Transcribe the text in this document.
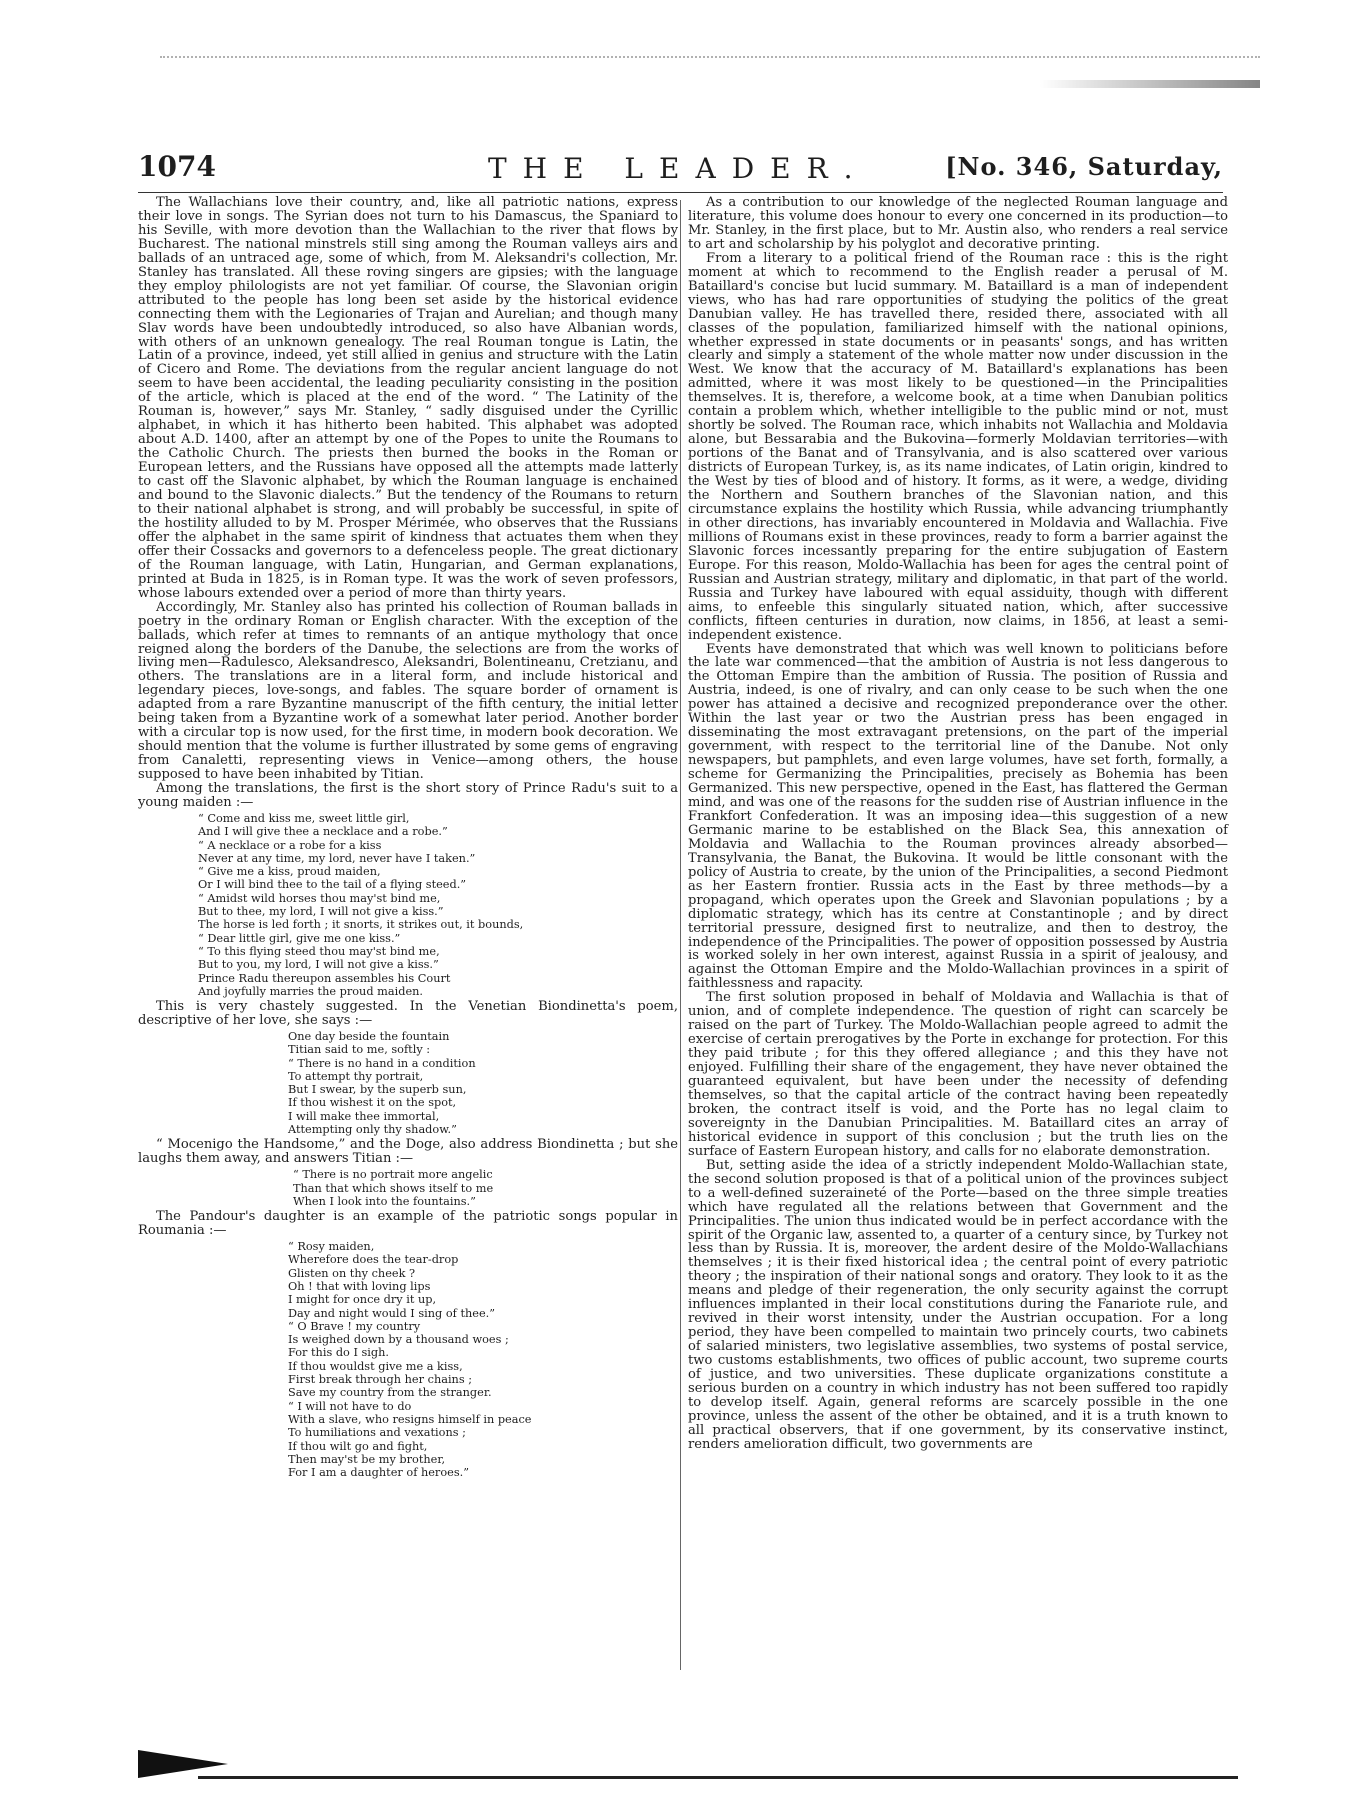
1074	THE LEADER.	[No. 346, Saturday,

The Wallachians love their country, and, like all patriotic nations, express their love in songs. The Syrian does not turn to his Damascus, the Spaniard to his Seville, with more devotion than the Wallachian to the river that flows by Bucharest. The national minstrels still sing among the Rouman valleys airs and ballads of an untraced age, some of which, from M. Aleksandri's collection, Mr. Stanley has translated. All these roving singers are gipsies; with the language they employ philologists are not yet familiar. Of course, the Slavonian origin attributed to the people has long been set aside by the historical evidence connecting them with the Legionaries of Trajan and Aurelian; and though many Slav words have been undoubtedly introduced, so also have Albanian words, with others of an unknown genealogy. The real Rouman tongue is Latin, the Latin of a province, indeed, yet still allied in genius and structure with the Latin of Cicero and Rome. The deviations from the regular ancient language do not seem to have been accidental, the leading peculiarity consisting in the position of the article, which is placed at the end of the word. “ The Latinity of the Rouman is, however,” says Mr. Stanley, “ sadly disguised under the Cyrillic alphabet, in which it has hitherto been habited. This alphabet was adopted about A.D. 1400, after an attempt by one of the Popes to unite the Roumans to the Catholic Church. The priests then burned the books in the Roman or European letters, and the Russians have opposed all the attempts made latterly to cast off the Slavonic alphabet, by which the Rouman language is enchained and bound to the Slavonic dialects.” But the tendency of the Roumans to return to their national alphabet is strong, and will probably be successful, in spite of the hostility alluded to by M. Prosper Mérimée, who observes that the Russians offer the alphabet in the same spirit of kindness that actuates them when they offer their Cossacks and governors to a defenceless people. The great dictionary of the Rouman language, with Latin, Hungarian, and German explanations, printed at Buda in 1825, is in Roman type. It was the work of seven professors, whose labours extended over a period of more than thirty years.

Accordingly, Mr. Stanley also has printed his collection of Rouman ballads in poetry in the ordinary Roman or English character. With the exception of the ballads, which refer at times to remnants of an antique mythology that once reigned along the borders of the Danube, the selections are from the works of living men—Radulesco, Aleksandresco, Aleksandri, Bolentineanu, Cretzianu, and others. The translations are in a literal form, and include historical and legendary pieces, love-songs, and fables. The square border of ornament is adapted from a rare Byzantine manuscript of the fifth century, the initial letter being taken from a Byzantine work of a somewhat later period. Another border with a circular top is now used, for the first time, in modern book decoration. We should mention that the volume is further illustrated by some gems of engraving from Canaletti, representing views in Venice—among others, the house supposed to have been inhabited by Titian.

Among the translations, the first is the short story of Prince Radu's suit to a young maiden :—

“ Come and kiss me, sweet little girl,
And I will give thee a necklace and a robe.”
“ A necklace or a robe for a kiss
Never at any time, my lord, never have I taken.”
“ Give me a kiss, proud maiden,
Or I will bind thee to the tail of a flying steed.”
“ Amidst wild horses thou may'st bind me,
But to thee, my lord, I will not give a kiss.”
The horse is led forth ; it snorts, it strikes out, it bounds,
“ Dear little girl, give me one kiss.”
“ To this flying steed thou may'st bind me,
But to you, my lord, I will not give a kiss.”
Prince Radu thereupon assembles his Court
And joyfully marries the proud maiden.

This is very chastely suggested. In the Venetian Biondinetta's poem, descriptive of her love, she says :—

One day beside the fountain
Titian said to me, softly :
“ There is no hand in a condition
To attempt thy portrait,
But I swear, by the superb sun,
If thou wishest it on the spot,
I will make thee immortal,
Attempting only thy shadow.”

“ Mocenigo the Handsome,” and the Doge, also address Biondinetta ; but she laughs them away, and answers Titian :—

“ There is no portrait more angelic
Than that which shows itself to me
When I look into the fountains.”

The Pandour's daughter is an example of the patriotic songs popular in Roumania :—

“ Rosy maiden,
Wherefore does the tear-drop
Glisten on thy cheek ?
Oh ! that with loving lips
I might for once dry it up,
Day and night would I sing of thee.”
“ O Brave ! my country
Is weighed down by a thousand woes ;
For this do I sigh.
If thou wouldst give me a kiss,
First break through her chains ;
Save my country from the stranger.
“ I will not have to do
With a slave, who resigns himself in peace
To humiliations and vexations ;
If thou wilt go and fight,
Then may'st be my brother,
For I am a daughter of heroes.”

As a contribution to our knowledge of the neglected Rouman language and literature, this volume does honour to every one concerned in its production—to Mr. Stanley, in the first place, but to Mr. Austin also, who renders a real service to art and scholarship by his polyglot and decorative printing.

From a literary to a political friend of the Rouman race : this is the right moment at which to recommend to the English reader a perusal of M. Bataillard's concise but lucid summary. M. Bataillard is a man of independent views, who has had rare opportunities of studying the politics of the great Danubian valley. He has travelled there, resided there, associated with all classes of the population, familiarized himself with the national opinions, whether expressed in state documents or in peasants' songs, and has written clearly and simply a statement of the whole matter now under discussion in the West. We know that the accuracy of M. Bataillard's explanations has been admitted, where it was most likely to be questioned—in the Principalities themselves. It is, therefore, a welcome book, at a time when Danubian politics contain a problem which, whether intelligible to the public mind or not, must shortly be solved. The Rouman race, which inhabits not Wallachia and Moldavia alone, but Bessarabia and the Bukovina—formerly Moldavian territories—with portions of the Banat and of Transylvania, and is also scattered over various districts of European Turkey, is, as its name indicates, of Latin origin, kindred to the West by ties of blood and of history. It forms, as it were, a wedge, dividing the Northern and Southern branches of the Slavonian nation, and this circumstance explains the hostility which Russia, while advancing triumphantly in other directions, has invariably encountered in Moldavia and Wallachia. Five millions of Roumans exist in these provinces, ready to form a barrier against the Slavonic forces incessantly preparing for the entire subjugation of Eastern Europe. For this reason, Moldo-Wallachia has been for ages the central point of Russian and Austrian strategy, military and diplomatic, in that part of the world. Russia and Turkey have laboured with equal assiduity, though with different aims, to enfeeble this singularly situated nation, which, after successive conflicts, fifteen centuries in duration, now claims, in 1856, at least a semi-independent existence.

Events have demonstrated that which was well known to politicians before the late war commenced—that the ambition of Austria is not less dangerous to the Ottoman Empire than the ambition of Russia. The position of Russia and Austria, indeed, is one of rivalry, and can only cease to be such when the one power has attained a decisive and recognized preponderance over the other. Within the last year or two the Austrian press has been engaged in disseminating the most extravagant pretensions, on the part of the imperial government, with respect to the territorial line of the Danube. Not only newspapers, but pamphlets, and even large volumes, have set forth, formally, a scheme for Germanizing the Principalities, precisely as Bohemia has been Germanized. This new perspective, opened in the East, has flattered the German mind, and was one of the reasons for the sudden rise of Austrian influence in the Frankfort Confederation. It was an imposing idea—this suggestion of a new Germanic marine to be established on the Black Sea, this annexation of Moldavia and Wallachia to the Rouman provinces already absorbed—Transylvania, the Banat, the Bukovina. It would be little consonant with the policy of Austria to create, by the union of the Principalities, a second Piedmont as her Eastern frontier. Russia acts in the East by three methods—by a propagand, which operates upon the Greek and Slavonian populations ; by a diplomatic strategy, which has its centre at Constantinople ; and by direct territorial pressure, designed first to neutralize, and then to destroy, the independence of the Principalities. The power of opposition possessed by Austria is worked solely in her own interest, against Russia in a spirit of jealousy, and against the Ottoman Empire and the Moldo-Wallachian provinces in a spirit of faithlessness and rapacity.

The first solution proposed in behalf of Moldavia and Wallachia is that of union, and of complete independence. The question of right can scarcely be raised on the part of Turkey. The Moldo-Wallachian people agreed to admit the exercise of certain prerogatives by the Porte in exchange for protection. For this they paid tribute ; for this they offered allegiance ; and this they have not enjoyed. Fulfilling their share of the engagement, they have never obtained the guaranteed equivalent, but have been under the necessity of defending themselves, so that the capital article of the contract having been repeatedly broken, the contract itself is void, and the Porte has no legal claim to sovereignty in the Danubian Principalities. M. Bataillard cites an array of historical evidence in support of this conclusion ; but the truth lies on the surface of Eastern European history, and calls for no elaborate demonstration.

But, setting aside the idea of a strictly independent Moldo-Wallachian state, the second solution proposed is that of a political union of the provinces subject to a well-defined suzeraineté of the Porte—based on the three simple treaties which have regulated all the relations between that Government and the Principalities. The union thus indicated would be in perfect accordance with the spirit of the Organic law, assented to, a quarter of a century since, by Turkey not less than by Russia. It is, moreover, the ardent desire of the Moldo-Wallachians themselves ; it is their fixed historical idea ; the central point of every patriotic theory ; the inspiration of their national songs and oratory. They look to it as the means and pledge of their regeneration, the only security against the corrupt influences implanted in their local constitutions during the Fanariote rule, and revived in their worst intensity, under the Austrian occupation. For a long period, they have been compelled to maintain two princely courts, two cabinets of salaried ministers, two legislative assemblies, two systems of postal service, two customs establishments, two offices of public account, two supreme courts of justice, and two universities. These duplicate organizations constitute a serious burden on a country in which industry has not been suffered too rapidly to develop itself. Again, general reforms are scarcely possible in the one province, unless the assent of the other be obtained, and it is a truth known to all practical observers, that if one government, by its conservative instinct, renders amelioration difficult, two governments are
